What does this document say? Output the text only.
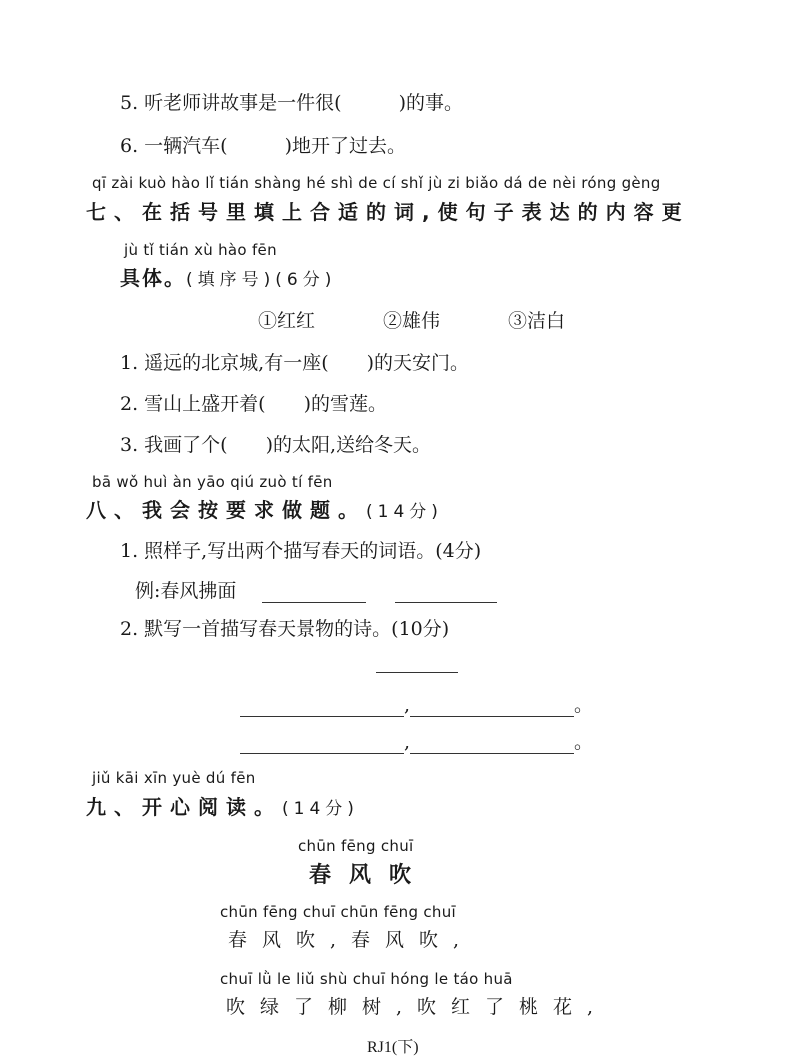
5. 听老师讲故事是一件很(　　　)的事。
6. 一辆汽车(　　　)地开了过去。
qī zài kuò hào lǐ tián shàng hé shì de cí shǐ jù zi biǎo dá de nèi róng gèng
七、在括号里填上合适的词,使句子表达的内容更
jù tǐ tián xù hào fēn
具体。(填序号)(6分)
①红红	②雄伟	③洁白
1. 遥远的北京城,有一座(　　)的天安门。
2. 雪山上盛开着(　　)的雪莲。
3. 我画了个(　　)的太阳,送给冬天。
bā wǒ huì àn yāo qiú zuò tí fēn
八、我会按要求做题。(14分)
1. 照样子,写出两个描写春天的词语。(4分)
例:春风拂面
2. 默写一首描写春天景物的诗。(10分)
,	。
,	。
jiǔ kāi xīn yuè dú fēn
九、开心阅读。(14分)
chūn fēng chuī
春风吹
chūn fēng chuī chūn fēng chuī
春风吹,春风吹,
chuī lǜ le liǔ shù chuī hóng le táo huā
吹绿了柳树,吹红了桃花,
RJ1(下)
